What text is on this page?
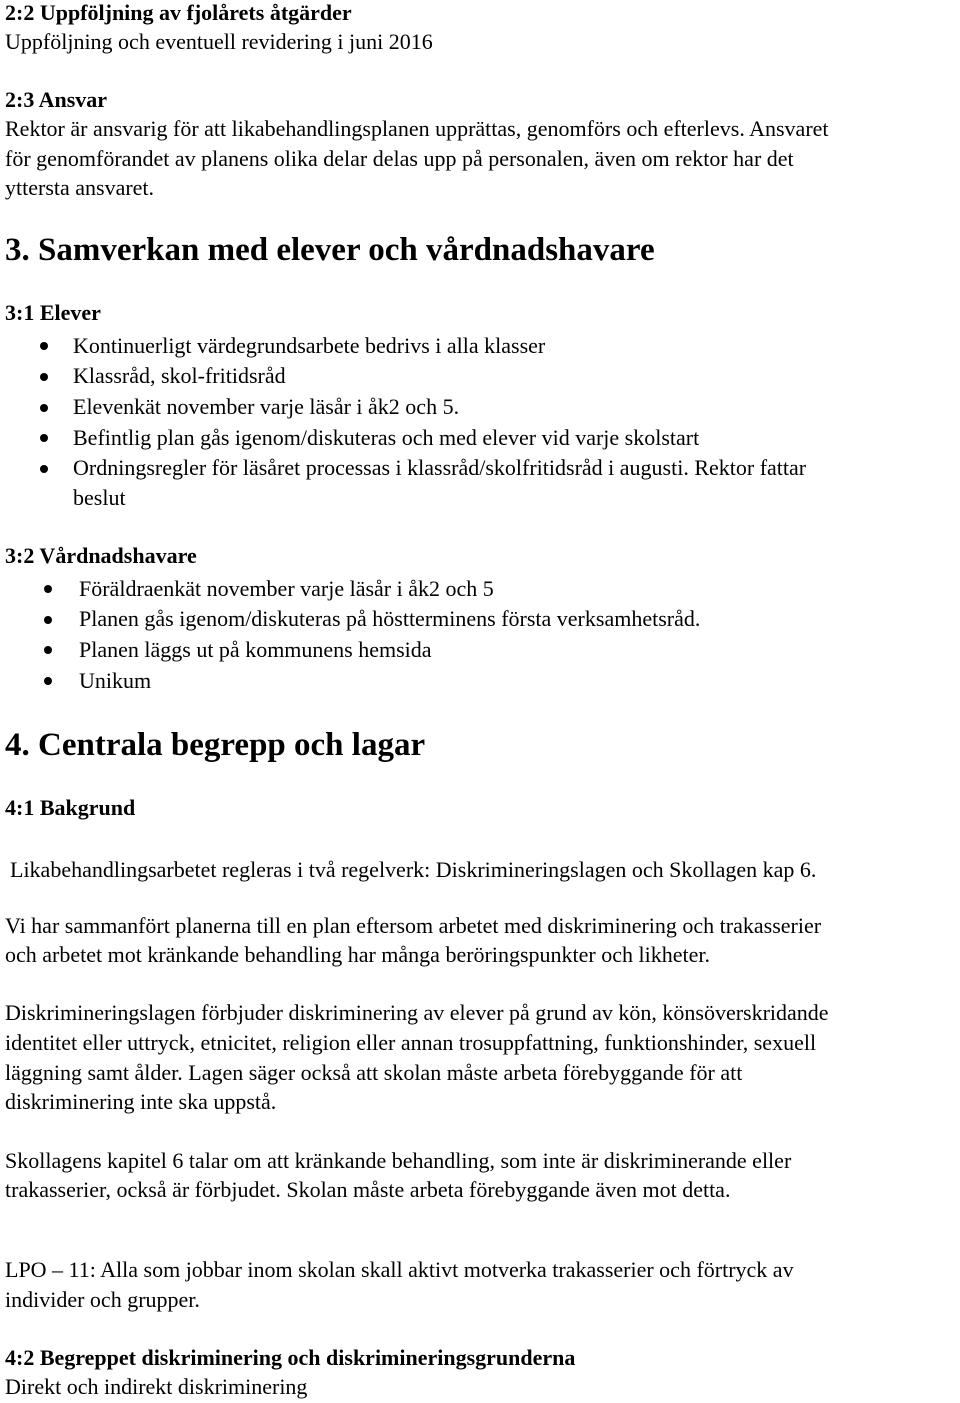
2:2 Uppföljning av fjolårets åtgärder
Uppföljning och eventuell revidering i juni 2016
2:3 Ansvar
Rektor är ansvarig för att likabehandlingsplanen upprättas, genomförs och efterlevs. Ansvaret
för genomförandet av planens olika delar delas upp på personalen, även om rektor har det
yttersta ansvaret.
3. Samverkan med elever och vårdnadshavare
3:1 Elever
Kontinuerligt värdegrundsarbete bedrivs i alla klasser
Klassråd, skol-fritidsråd
Elevenkät november varje läsår i åk2 och 5.
Befintlig plan gås igenom/diskuteras och med elever vid varje skolstart
Ordningsregler för läsåret processas i klassråd/skolfritidsråd i augusti. Rektor fattar
beslut
3:2 Vårdnadshavare
Föräldraenkät november varje läsår i åk2 och 5
Planen gås igenom/diskuteras på höstterminens första verksamhetsråd.
Planen läggs ut på kommunens hemsida
Unikum
4. Centrala begrepp och lagar
4:1 Bakgrund
Likabehandlingsarbetet regleras i två regelverk: Diskrimineringslagen och Skollagen kap 6.
Vi har sammanfört planerna till en plan eftersom arbetet med diskriminering och trakasserier
och arbetet mot kränkande behandling har många beröringspunkter och likheter.
Diskrimineringslagen förbjuder diskriminering av elever på grund av kön, könsöverskridande
identitet eller uttryck, etnicitet, religion eller annan trosuppfattning, funktionshinder, sexuell
läggning samt ålder. Lagen säger också att skolan måste arbeta förebyggande för att
diskriminering inte ska uppstå.
Skollagens kapitel 6 talar om att kränkande behandling, som inte är diskriminerande eller
trakasserier, också är förbjudet. Skolan måste arbeta förebyggande även mot detta.
LPO – 11: Alla som jobbar inom skolan skall aktivt motverka trakasserier och förtryck av
individer och grupper.
4:2 Begreppet diskriminering och diskrimineringsgrunderna
Direkt och indirekt diskriminering
